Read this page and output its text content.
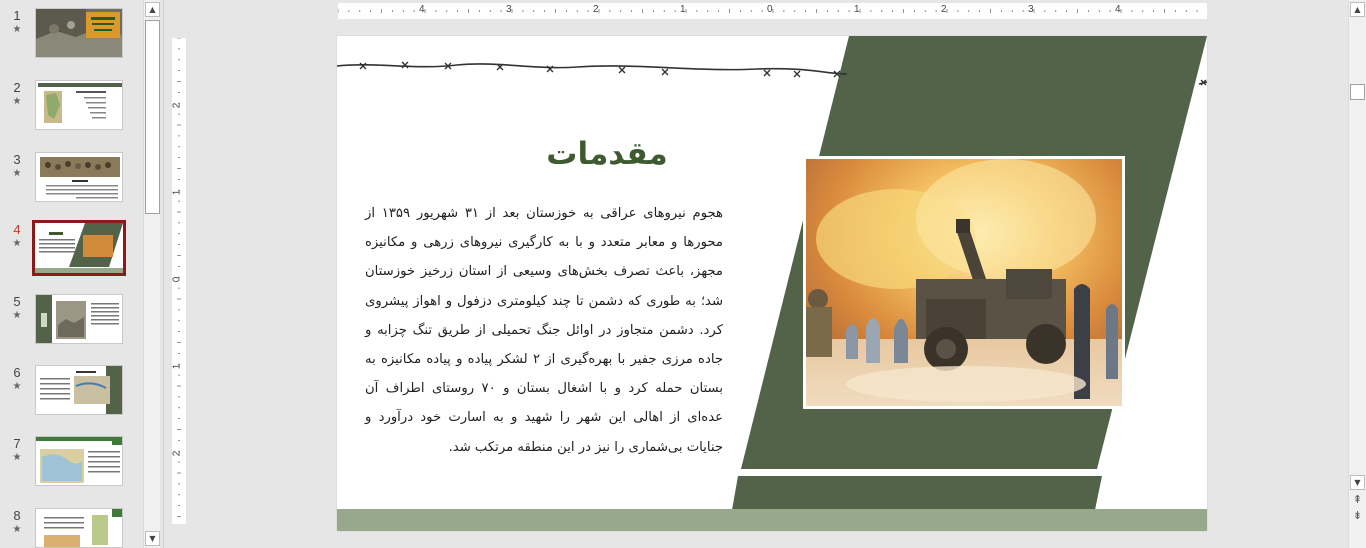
1
★
2
★
3
★
4
★
5
★
6
★
7
★
8
★
▲
▼
4	3	2	1	0	1	2	3	4
2
1
0
1
2
مقدمات
هجوم نیروهای عراقی به خوزستان بعد از ۳۱ شهریور ۱۳۵۹ از محورها و معابر متعدد و با به کارگیری نیروهای زرهی و مکانیزه مجهز، باعث تصرف بخش‌های وسیعی از استان زرخیز خوزستان شد؛ به طوری که دشمن تا چند کیلومتری دزفول و اهواز پیشروی کرد. دشمن متجاوز در اوائل جنگ تحمیلی از طریق تنگ چزابه و جاده مرزی جفیر با بهره‌گیری از ۲ لشکر پیاده و پیاده مکانیزه به بستان حمله کرد و با اشغال بستان و ۷۰ روستای اطراف آن عده‌ای از اهالی این شهر را شهید و به اسارت خود درآورد و جنایات بی‌شماری را نیز در این منطقه مرتکب شد.
▲
▼
⇞
⇟
